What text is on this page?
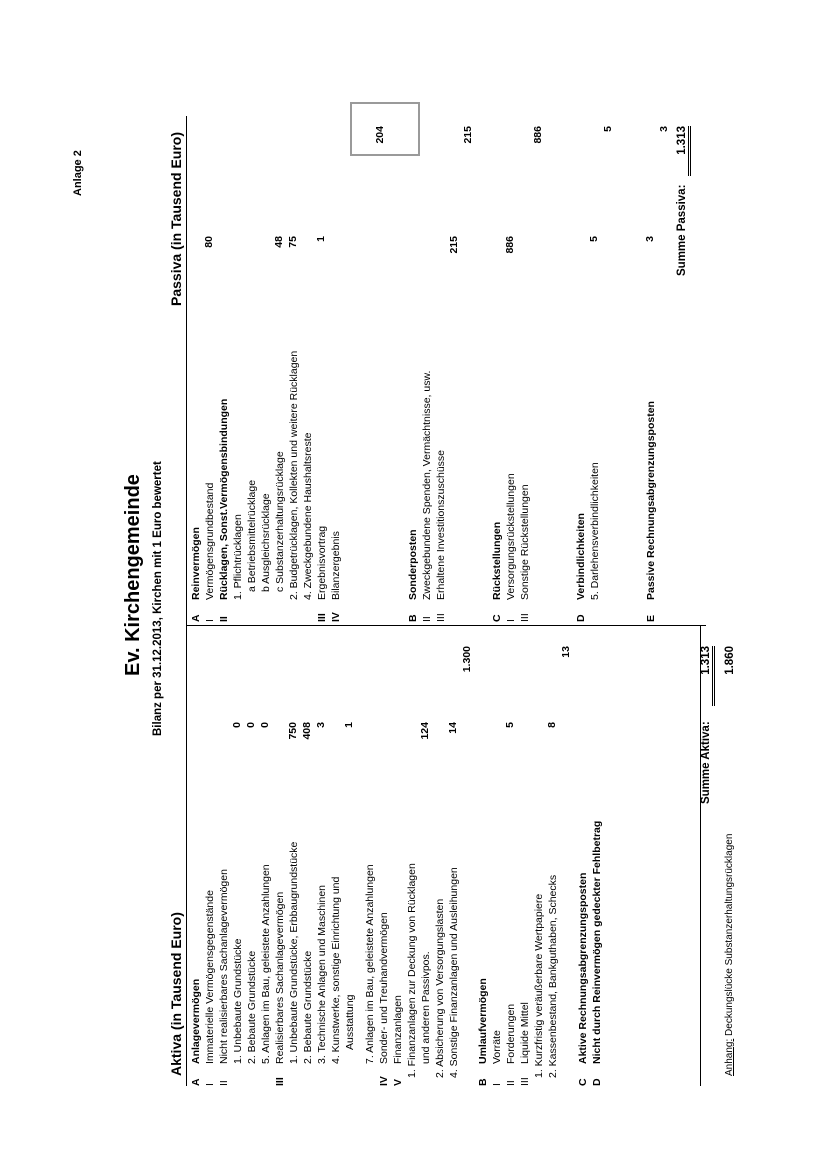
Anlage 2
Ev. Kirchengemeinde Bilanz per 31.12.2013, Kirchen mit 1 Euro bewertet
Aktiva (in Tausend Euro)
Passiva (in Tausend Euro)
A
Anlagevermögen
I
Immaterielle Vermögensgegenstände
II
Nicht realisierbares Sachanlagevermögen 1. Unbebaute Grundstücke
0
2. Bebaute Grundstücke
0
5. Anlagen im Bau, geleistete Anzahlungen
0
III
Realisierbares Sachanlagevermögen 1. Unbebaute Grundstücke, Erbbaugrundstücke
750
2. Bebaute Grundstücke
408
3. Technische Anlagen und Maschinen
3
4. Kunstwerke, sonstige Einrichtung und Ausstattung
1
7. Anlagen im Bau, geleistete Anzahlungen
IV
Sonder- und Treuhandvermögen
V
Finanzanlagen 1. Finanzanlagen zur Deckung von Rücklagen und anderen Passivpos.
124
2. Absicherung von Versorgungslasten 4. Sonstige Finanzanlagen und Ausleihungen
14
1.300
B
Umlaufvermögen
I
Vorräte
II
Forderungen
5
III
Liquide Mittel 1. Kurzfristig veräußerbare Wertpapiere 2. Kassenbestand, Bankguthaben, Schecks
8
13
C
Aktive Rechnungsabgrenzungsposten
D
Nicht durch Reinvermögen gedeckter Fehlbetrag
Summe Aktiva:
1.313 1.860
A
Reinvermögen
I
Vermögensgrundbestand
80
II
Rücklagen, Sonst.Vermögensbindungen 1. Pflichtrücklagen a Betriebsmittelrücklage b Ausgleichsrücklage c Substanzerhaltungsrücklage
48
2. Budgetrücklagen, Kollekten und weitere Rücklagen
75
4. Zweckgebundene Haushaltsreste
III
Ergebnisvortrag
1
IV
Bilanzergebnis
204
B
Sonderposten
II
Zweckgebundene Spenden, Vermächtnisse, usw.
III
Erhaltene Investitionszuschüsse
215
215
C
Rückstellungen
I
Versorgungsrückstellungen
886
III
Sonstige Rückstellungen
886
D
Verbindlichkeiten 5. Darlehensverbindlichkeiten
5
5
E
Passive Rechnungsabgrenzungsposten
3
3
Summe Passiva:
1.313
Anhang: Deckungslücke Substanzerhaltungsrücklagen
